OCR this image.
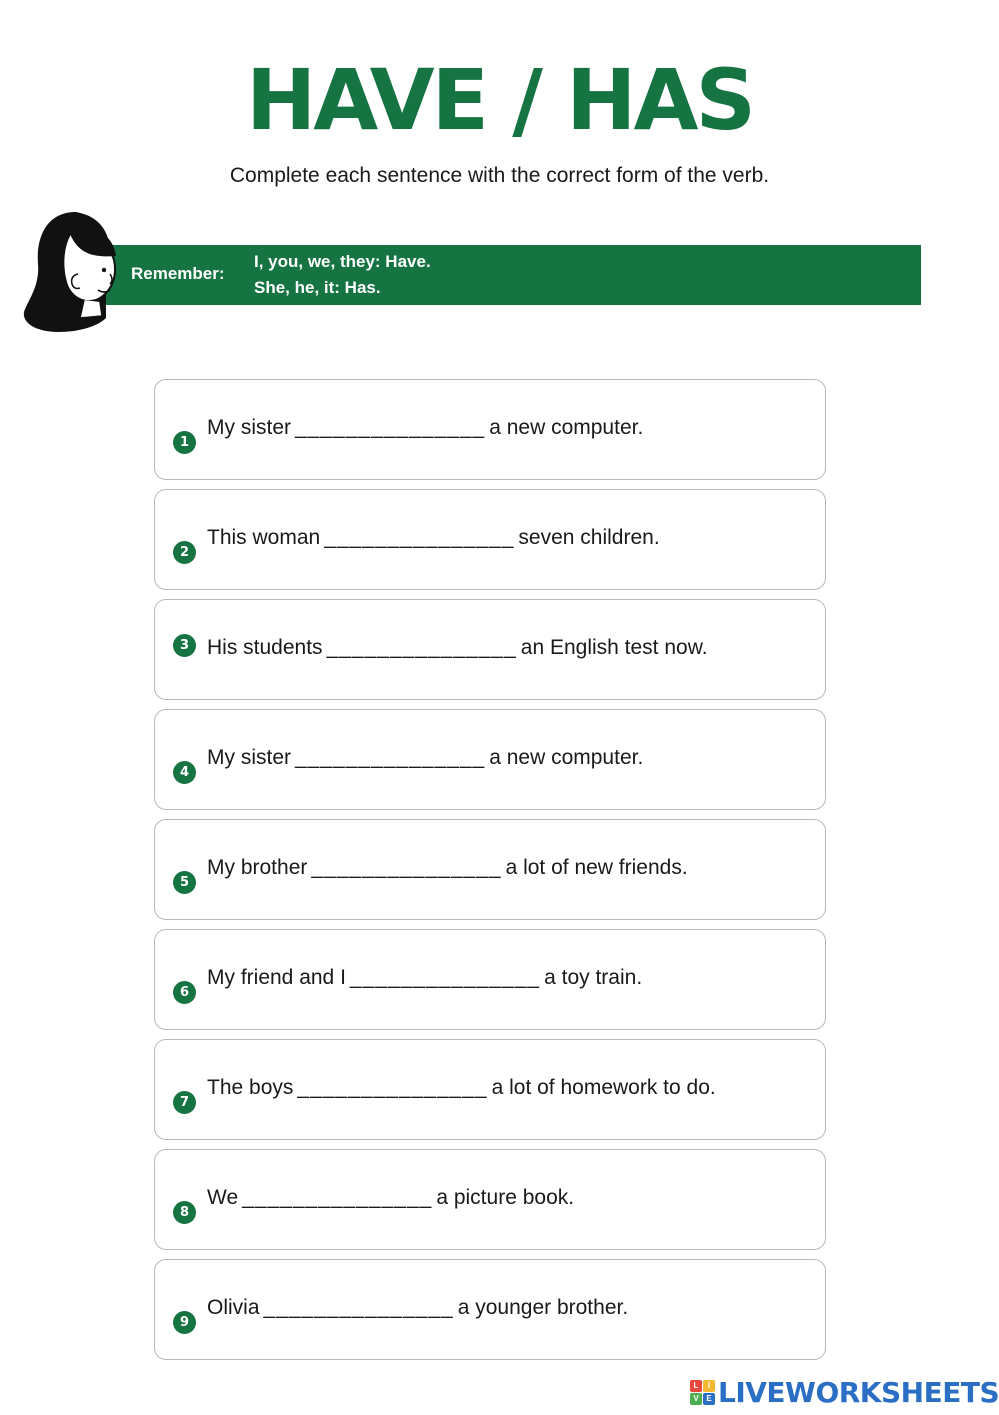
HAVE / HAS
Complete each sentence with the correct form of the verb.
Remember:
I, you, we, they: Have.
She, he, it: Has.
1
My sister _______________ a new computer.
2
This woman _______________ seven children.
3 His students _______________ an English test now.
4
My sister _______________ a new computer.
5
My brother _______________ a lot of new friends.
6
My friend and I _______________ a toy train.
7
The boys _______________ a lot of homework to do.
8
We _______________ a picture book.
9
Olivia _______________ a younger brother.
L	I
V E LIVEWORKSHEETS
